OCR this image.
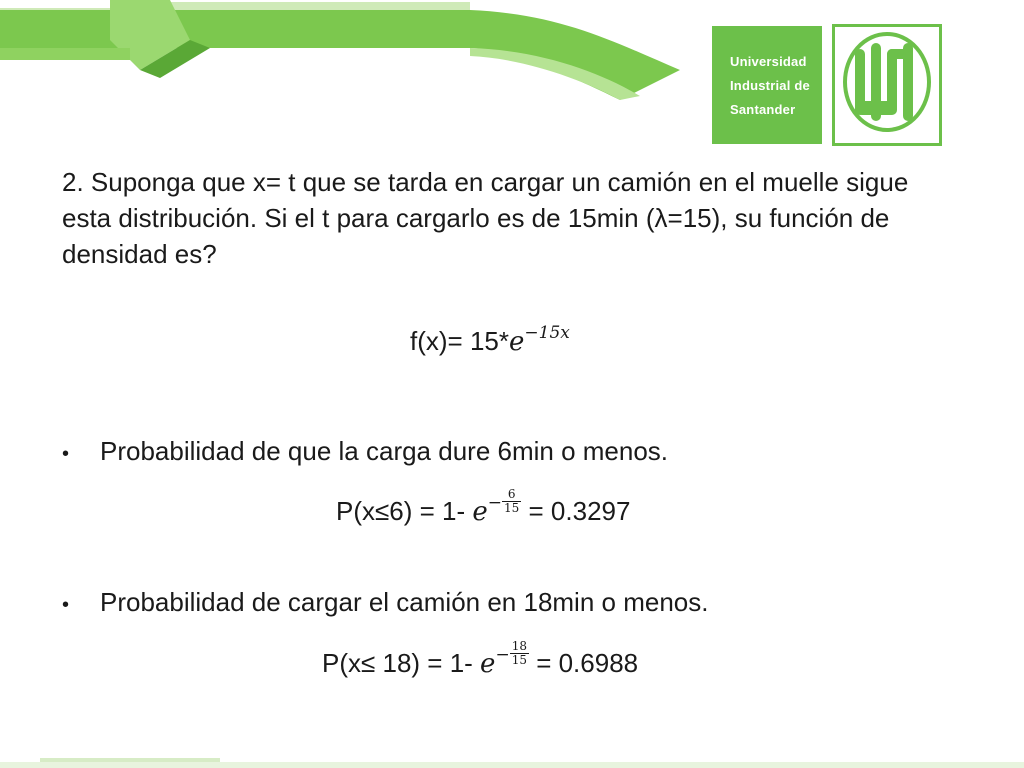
Universidad
Industrial de
Santander

2. Suponga que x= t que se tarda en cargar un camión en el muelle sigue esta distribución. Si el t para cargarlo es de 15min (λ=15), su función de densidad es?

$f(x)= 15*e^{-15x}$
• Probabilidad de que la carga dure 6min o menos.
P(x≤6) = 1- $e^- \frac{6}{15} = 0.3297$
• Probabilidad de cargar el camión en 18min o menos.
P(x≤ 18) = 1- $e^- \frac{18}{15} = 0.6988$
